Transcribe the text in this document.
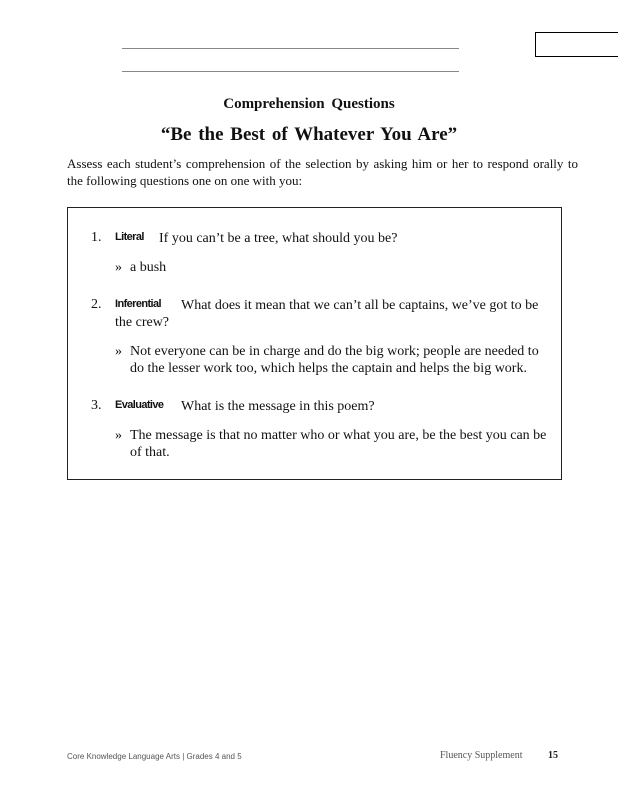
Comprehension Questions
“Be the Best of Whatever You Are”
Assess each student’s comprehension of the selection by asking him or her to respond orally to the following questions one on one with you:
1. Literal If you can’t be a tree, what should you be?
» a bush
2. Inferential	What does it mean that we can’t all be captains, we’ve got to be the crew?
» Not everyone can be in charge and do the big work; people are needed to do the lesser work too, which helps the captain and helps the big work.
3. Evaluative What is the message in this poem?
» The message is that no matter who or what you are, be the best you can be of that.
Core Knowledge Language Arts | Grades 4 and 5	Fluency Supplement	15
